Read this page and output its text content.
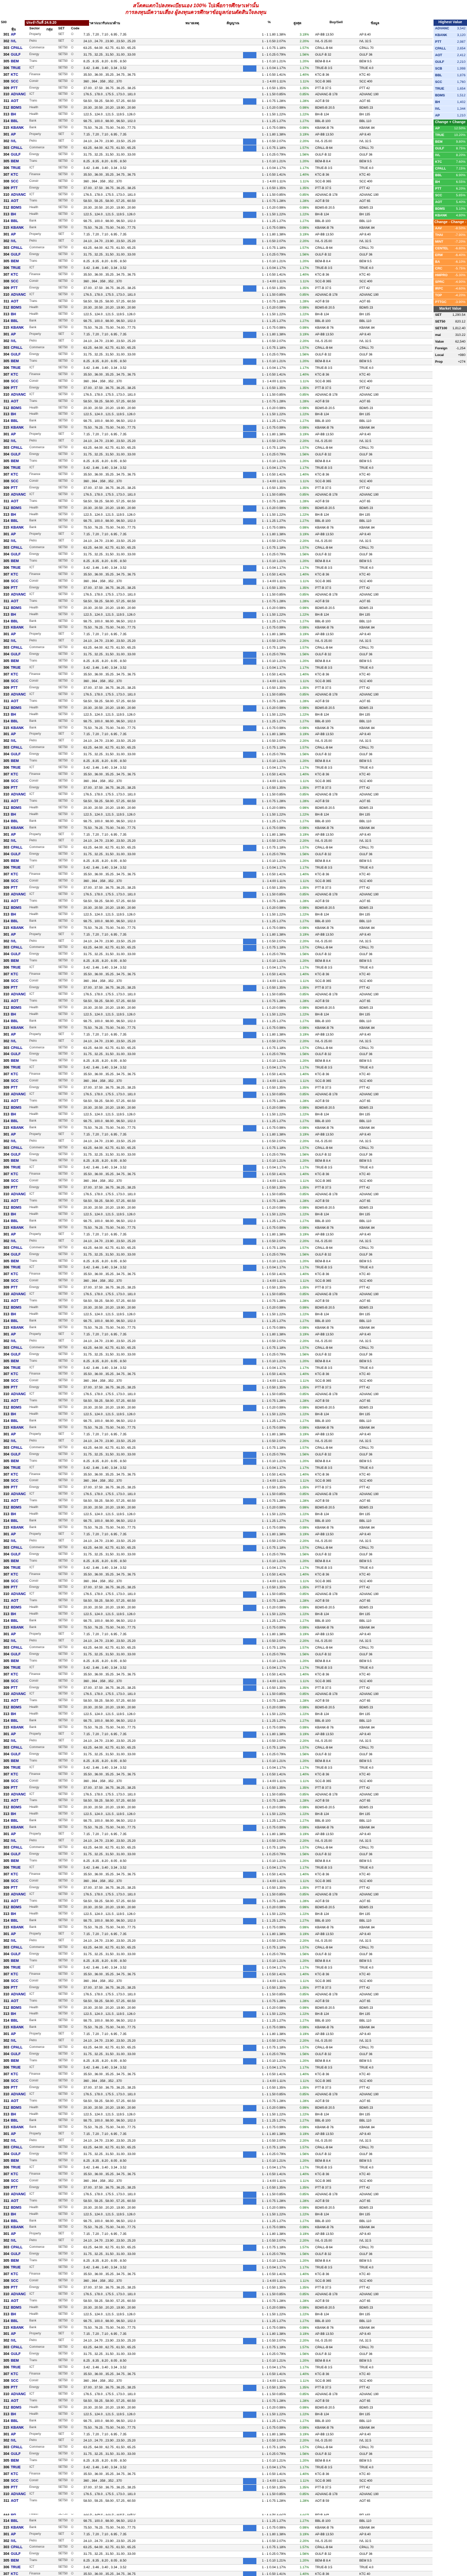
สโตคแตกไปลงทะเบียนเอง 100% ไปเพื่อการศึกษาเท่านั้น
การลงทุนมีความเสี่ยง ผู้ลงทุนควรศึกษาข้อมูลก่อนตัดสินใจลงทุน
500	ราคา/แนวรับ/แนวต้าน	หมายเหตุ	สัญญาณ	%	สูงสุด	Buy/Sell	ข้อมูล
ประจำวันที่ 24.9.20
หุ้น	Sector กลุ่ม SET Code
301 AP	Property	SET	O	7.15 , 7.20 , 7.10 , 6.95 , 7.35	1 - 1 1.80 1.38%	3.19% AP-BB 13.50	AP 8.40
302 IVL	Petro	SET	O	24.10 , 24.70 , 23.90 , 23.50 , 25.20	1 - 1 0.50 2.07%	2.20% IVL-S 25.00	IVL 32.5
303 CPALL	Commerce	SET50	O	63.25 , 64.00 , 62.75 , 61.50 , 65.25	1 - 1 0.75 1.18%	1.57% CPALL-B 64	CPALL 70
304 GULF	Energy	SET50	O	31.75 , 32.25 , 31.50 , 31.00 , 33.00	1 - 1 0.25 0.79%	1.56% GULF-B 32	GULF 36
305 BEM	Trans	SET50	O	8.25 , 8.35 , 8.20 , 8.05 , 8.50	1 - 1 0.10 1.21%	1.20% BEM-B 8.4	BEM 9.5
306 TRUE	ICT	SET50	O	3.42 , 3.46 , 3.40 , 3.34 , 3.52	1 - 1 0.04 1.17%	1.17% TRUE-B 3.5	TRUE 4.0
307 KTC	Finance	SET50	O	35.50 , 36.00 , 35.25 , 34.75 , 36.75	1 - 1 0.50 1.41%	1.40% KTC-B 36	KTC 40
308 SCC	Constr	SET50	O	360 , 364 , 358 , 352 , 370	1 - 1 4.00 1.11%	1.11% SCC-B 365	SCC 400
309 PTT	Energy	SET50	O	37.00 , 37.50 , 36.75 , 36.25 , 38.25	1 - 1 0.50 1.35%	1.35% PTT-B 37.5	PTT 42
310 ADVANC	ICT	SET50	O	176.5 , 178.0 , 175.5 , 173.0 , 181.0	1 - 1 1.50 0.85%	0.85% ADVANC-B 178	ADVANC 190
311 AOT	Trans	SET50	O	58.50 , 59.25 , 58.00 , 57.25 , 60.50	1 - 1 0.75 1.28%	1.28% AOT-B 59	AOT 65
312 BDMS	Health	SET50	O	20.30 , 20.50 , 20.20 , 19.90 , 20.90	1 - 1 0.20 0.99%	0.99% BDMS-B 20.5	BDMS 23
313 BH	Health	SET50	O	122.5 , 124.0 , 121.5 , 119.5 , 126.0	1 - 1 1.50 1.22%	1.22% BH-B 124	BH 135
314 BBL	Bank	SET50	O	98.75 , 100.0 , 98.00 , 96.50 , 102.0	1 - 1 1.25 1.27%	1.27% BBL-B 100	BBL 110
315 KBANK	Bank	SET50	O	75.50 , 76.25 , 75.00 , 74.00 , 77.75	1 - 1 0.75 0.99%	0.99% KBANK-B 76	KBANK 84
301 AP	Property	SET	O	7.15 , 7.20 , 7.10 , 6.95 , 7.35	1 - 1 1.80 1.38%	3.19% AP-BB 13.50	AP 8.40
302 IVL	Petro	SET	O	24.10 , 24.70 , 23.90 , 23.50 , 25.20	1 - 1 0.50 2.07%	2.20% IVL-S 25.00	IVL 32.5
303 CPALL	Commerce	SET50	O	63.25 , 64.00 , 62.75 , 61.50 , 65.25	1 - 1 0.75 1.18%	1.57% CPALL-B 64	CPALL 70
304 GULF	Energy	SET50	O	31.75 , 32.25 , 31.50 , 31.00 , 33.00	1 - 1 0.25 0.79%	1.56% GULF-B 32	GULF 36
305 BEM	Trans	SET50	O	8.25 , 8.35 , 8.20 , 8.05 , 8.50	1 - 1 0.10 1.21%	1.20% BEM-B 8.4	BEM 9.5
306 TRUE	ICT	SET50	O	3.42 , 3.46 , 3.40 , 3.34 , 3.52	1 - 1 0.04 1.17%	1.17% TRUE-B 3.5	TRUE 4.0
307 KTC	Finance	SET50	O	35.50 , 36.00 , 35.25 , 34.75 , 36.75	1 - 1 0.50 1.41%	1.40% KTC-B 36	KTC 40
308 SCC	Constr	SET50	O	360 , 364 , 358 , 352 , 370	1 - 1 4.00 1.11%	1.11% SCC-B 365	SCC 400
309 PTT	Energy	SET50	O	37.00 , 37.50 , 36.75 , 36.25 , 38.25	1 - 1 0.50 1.35%	1.35% PTT-B 37.5	PTT 42
310 ADVANC	ICT	SET50	O	176.5 , 178.0 , 175.5 , 173.0 , 181.0	1 - 1 1.50 0.85%	0.85% ADVANC-B 178	ADVANC 190
311 AOT	Trans	SET50	O	58.50 , 59.25 , 58.00 , 57.25 , 60.50	1 - 1 0.75 1.28%	1.28% AOT-B 59	AOT 65
312 BDMS	Health	SET50	O	20.30 , 20.50 , 20.20 , 19.90 , 20.90	1 - 1 0.20 0.99%	0.99% BDMS-B 20.5	BDMS 23
313 BH	Health	SET50	O	122.5 , 124.0 , 121.5 , 119.5 , 126.0	1 - 1 1.50 1.22%	1.22% BH-B 124	BH 135
314 BBL	Bank	SET50	O	98.75 , 100.0 , 98.00 , 96.50 , 102.0	1 - 1 1.25 1.27%	1.27% BBL-B 100	BBL 110
315 KBANK	Bank	SET50	O	75.50 , 76.25 , 75.00 , 74.00 , 77.75	1 - 1 0.75 0.99%	0.99% KBANK-B 76	KBANK 84
301 AP	Property	SET	O	7.15 , 7.20 , 7.10 , 6.95 , 7.35	1 - 1 1.80 1.38%	3.19% AP-BB 13.50	AP 8.40
302 IVL	Petro	SET	O	24.10 , 24.70 , 23.90 , 23.50 , 25.20	1 - 1 0.50 2.07%	2.20% IVL-S 25.00	IVL 32.5
303 CPALL	Commerce	SET50	O	63.25 , 64.00 , 62.75 , 61.50 , 65.25	1 - 1 0.75 1.18%	1.57% CPALL-B 64	CPALL 70
304 GULF	Energy	SET50	O	31.75 , 32.25 , 31.50 , 31.00 , 33.00	1 - 1 0.25 0.79%	1.56% GULF-B 32	GULF 36
305 BEM	Trans	SET50	O	8.25 , 8.35 , 8.20 , 8.05 , 8.50	1 - 1 0.10 1.21%	1.20% BEM-B 8.4	BEM 9.5
306 TRUE	ICT	SET50	O	3.42 , 3.46 , 3.40 , 3.34 , 3.52	1 - 1 0.04 1.17%	1.17% TRUE-B 3.5	TRUE 4.0
307 KTC	Finance	SET50	O	35.50 , 36.00 , 35.25 , 34.75 , 36.75	1 - 1 0.50 1.41%	1.40% KTC-B 36	KTC 40
308 SCC	Constr	SET50	O	360 , 364 , 358 , 352 , 370	1 - 1 4.00 1.11%	1.11% SCC-B 365	SCC 400
309 PTT	Energy	SET50	O	37.00 , 37.50 , 36.75 , 36.25 , 38.25	1 - 1 0.50 1.35%	1.35% PTT-B 37.5	PTT 42
310 ADVANC	ICT	SET50	O	176.5 , 178.0 , 175.5 , 173.0 , 181.0	1 - 1 1.50 0.85%	0.85% ADVANC-B 178	ADVANC 190
311 AOT	Trans	SET50	O	58.50 , 59.25 , 58.00 , 57.25 , 60.50	1 - 1 0.75 1.28%	1.28% AOT-B 59	AOT 65
312 BDMS	Health	SET50	O	20.30 , 20.50 , 20.20 , 19.90 , 20.90	1 - 1 0.20 0.99%	0.99% BDMS-B 20.5	BDMS 23
313 BH	Health	SET50	O	122.5 , 124.0 , 121.5 , 119.5 , 126.0	1 - 1 1.50 1.22%	1.22% BH-B 124	BH 135
314 BBL	Bank	SET50	O	98.75 , 100.0 , 98.00 , 96.50 , 102.0	1 - 1 1.25 1.27%	1.27% BBL-B 100	BBL 110
315 KBANK	Bank	SET50	O	75.50 , 76.25 , 75.00 , 74.00 , 77.75	1 - 1 0.75 0.99%	0.99% KBANK-B 76	KBANK 84
301 AP	Property	SET	O	7.15 , 7.20 , 7.10 , 6.95 , 7.35	1 - 1 1.80 1.38%	3.19% AP-BB 13.50	AP 8.40
302 IVL	Petro	SET	O	24.10 , 24.70 , 23.90 , 23.50 , 25.20	1 - 1 0.50 2.07%	2.20% IVL-S 25.00	IVL 32.5
303 CPALL	Commerce	SET50	O	63.25 , 64.00 , 62.75 , 61.50 , 65.25	1 - 1 0.75 1.18%	1.57% CPALL-B 64	CPALL 70
304 GULF	Energy	SET50	O	31.75 , 32.25 , 31.50 , 31.00 , 33.00	1 - 1 0.25 0.79%	1.56% GULF-B 32	GULF 36
305 BEM	Trans	SET50	O	8.25 , 8.35 , 8.20 , 8.05 , 8.50	1 - 1 0.10 1.21%	1.20% BEM-B 8.4	BEM 9.5
306 TRUE	ICT	SET50	O	3.42 , 3.46 , 3.40 , 3.34 , 3.52	1 - 1 0.04 1.17%	1.17% TRUE-B 3.5	TRUE 4.0
307 KTC	Finance	SET50	O	35.50 , 36.00 , 35.25 , 34.75 , 36.75	1 - 1 0.50 1.41%	1.40% KTC-B 36	KTC 40
308 SCC	Constr	SET50	O	360 , 364 , 358 , 352 , 370	1 - 1 4.00 1.11%	1.11% SCC-B 365	SCC 400
309 PTT	Energy	SET50	O	37.00 , 37.50 , 36.75 , 36.25 , 38.25	1 - 1 0.50 1.35%	1.35% PTT-B 37.5	PTT 42
310 ADVANC	ICT	SET50	O	176.5 , 178.0 , 175.5 , 173.0 , 181.0	1 - 1 1.50 0.85%	0.85% ADVANC-B 178	ADVANC 190
311 AOT	Trans	SET50	O	58.50 , 59.25 , 58.00 , 57.25 , 60.50	1 - 1 0.75 1.28%	1.28% AOT-B 59	AOT 65
312 BDMS	Health	SET50	O	20.30 , 20.50 , 20.20 , 19.90 , 20.90	1 - 1 0.20 0.99%	0.99% BDMS-B 20.5	BDMS 23
313 BH	Health	SET50	O	122.5 , 124.0 , 121.5 , 119.5 , 126.0	1 - 1 1.50 1.22%	1.22% BH-B 124	BH 135
314 BBL	Bank	SET50	O	98.75 , 100.0 , 98.00 , 96.50 , 102.0	1 - 1 1.25 1.27%	1.27% BBL-B 100	BBL 110
315 KBANK	Bank	SET50	O	75.50 , 76.25 , 75.00 , 74.00 , 77.75	1 - 1 0.75 0.99%	0.99% KBANK-B 76	KBANK 84
301 AP	Property	SET	O	7.15 , 7.20 , 7.10 , 6.95 , 7.35	1 - 1 1.80 1.38%	3.19% AP-BB 13.50	AP 8.40
302 IVL	Petro	SET	O	24.10 , 24.70 , 23.90 , 23.50 , 25.20	1 - 1 0.50 2.07%	2.20% IVL-S 25.00	IVL 32.5
303 CPALL	Commerce	SET50	O	63.25 , 64.00 , 62.75 , 61.50 , 65.25	1 - 1 0.75 1.18%	1.57% CPALL-B 64	CPALL 70
304 GULF	Energy	SET50	O	31.75 , 32.25 , 31.50 , 31.00 , 33.00	1 - 1 0.25 0.79%	1.56% GULF-B 32	GULF 36
305 BEM	Trans	SET50	O	8.25 , 8.35 , 8.20 , 8.05 , 8.50	1 - 1 0.10 1.21%	1.20% BEM-B 8.4	BEM 9.5
306 TRUE	ICT	SET50	O	3.42 , 3.46 , 3.40 , 3.34 , 3.52	1 - 1 0.04 1.17%	1.17% TRUE-B 3.5	TRUE 4.0
307 KTC	Finance	SET50	O	35.50 , 36.00 , 35.25 , 34.75 , 36.75	1 - 1 0.50 1.41%	1.40% KTC-B 36	KTC 40
308 SCC	Constr	SET50	O	360 , 364 , 358 , 352 , 370	1 - 1 4.00 1.11%	1.11% SCC-B 365	SCC 400
309 PTT	Energy	SET50	O	37.00 , 37.50 , 36.75 , 36.25 , 38.25	1 - 1 0.50 1.35%	1.35% PTT-B 37.5	PTT 42
310 ADVANC	ICT	SET50	O	176.5 , 178.0 , 175.5 , 173.0 , 181.0	1 - 1 1.50 0.85%	0.85% ADVANC-B 178	ADVANC 190
311 AOT	Trans	SET50	O	58.50 , 59.25 , 58.00 , 57.25 , 60.50	1 - 1 0.75 1.28%	1.28% AOT-B 59	AOT 65
312 BDMS	Health	SET50	O	20.30 , 20.50 , 20.20 , 19.90 , 20.90	1 - 1 0.20 0.99%	0.99% BDMS-B 20.5	BDMS 23
313 BH	Health	SET50	O	122.5 , 124.0 , 121.5 , 119.5 , 126.0	1 - 1 1.50 1.22%	1.22% BH-B 124	BH 135
314 BBL	Bank	SET50	O	98.75 , 100.0 , 98.00 , 96.50 , 102.0	1 - 1 1.25 1.27%	1.27% BBL-B 100	BBL 110
315 KBANK	Bank	SET50	O	75.50 , 76.25 , 75.00 , 74.00 , 77.75	1 - 1 0.75 0.99%	0.99% KBANK-B 76	KBANK 84
301 AP	Property	SET	O	7.15 , 7.20 , 7.10 , 6.95 , 7.35	1 - 1 1.80 1.38%	3.19% AP-BB 13.50	AP 8.40
302 IVL	Petro	SET	O	24.10 , 24.70 , 23.90 , 23.50 , 25.20	1 - 1 0.50 2.07%	2.20% IVL-S 25.00	IVL 32.5
303 CPALL	Commerce	SET50	O	63.25 , 64.00 , 62.75 , 61.50 , 65.25	1 - 1 0.75 1.18%	1.57% CPALL-B 64	CPALL 70
304 GULF	Energy	SET50	O	31.75 , 32.25 , 31.50 , 31.00 , 33.00	1 - 1 0.25 0.79%	1.56% GULF-B 32	GULF 36
305 BEM	Trans	SET50	O	8.25 , 8.35 , 8.20 , 8.05 , 8.50	1 - 1 0.10 1.21%	1.20% BEM-B 8.4	BEM 9.5
306 TRUE	ICT	SET50	O	3.42 , 3.46 , 3.40 , 3.34 , 3.52	1 - 1 0.04 1.17%	1.17% TRUE-B 3.5	TRUE 4.0
307 KTC	Finance	SET50	O	35.50 , 36.00 , 35.25 , 34.75 , 36.75	1 - 1 0.50 1.41%	1.40% KTC-B 36	KTC 40
308 SCC	Constr	SET50	O	360 , 364 , 358 , 352 , 370	1 - 1 4.00 1.11%	1.11% SCC-B 365	SCC 400
309 PTT	Energy	SET50	O	37.00 , 37.50 , 36.75 , 36.25 , 38.25	1 - 1 0.50 1.35%	1.35% PTT-B 37.5	PTT 42
310 ADVANC	ICT	SET50	O	176.5 , 178.0 , 175.5 , 173.0 , 181.0	1 - 1 1.50 0.85%	0.85% ADVANC-B 178	ADVANC 190
311 AOT	Trans	SET50	O	58.50 , 59.25 , 58.00 , 57.25 , 60.50	1 - 1 0.75 1.28%	1.28% AOT-B 59	AOT 65
312 BDMS	Health	SET50	O	20.30 , 20.50 , 20.20 , 19.90 , 20.90	1 - 1 0.20 0.99%	0.99% BDMS-B 20.5	BDMS 23
313 BH	Health	SET50	O	122.5 , 124.0 , 121.5 , 119.5 , 126.0	1 - 1 1.50 1.22%	1.22% BH-B 124	BH 135
314 BBL	Bank	SET50	O	98.75 , 100.0 , 98.00 , 96.50 , 102.0	1 - 1 1.25 1.27%	1.27% BBL-B 100	BBL 110
315 KBANK	Bank	SET50	O	75.50 , 76.25 , 75.00 , 74.00 , 77.75	1 - 1 0.75 0.99%	0.99% KBANK-B 76	KBANK 84
301 AP	Property	SET	O	7.15 , 7.20 , 7.10 , 6.95 , 7.35	1 - 1 1.80 1.38%	3.19% AP-BB 13.50	AP 8.40
302 IVL	Petro	SET	O	24.10 , 24.70 , 23.90 , 23.50 , 25.20	1 - 1 0.50 2.07%	2.20% IVL-S 25.00	IVL 32.5
303 CPALL	Commerce	SET50	O	63.25 , 64.00 , 62.75 , 61.50 , 65.25	1 - 1 0.75 1.18%	1.57% CPALL-B 64	CPALL 70
304 GULF	Energy	SET50	O	31.75 , 32.25 , 31.50 , 31.00 , 33.00	1 - 1 0.25 0.79%	1.56% GULF-B 32	GULF 36
305 BEM	Trans	SET50	O	8.25 , 8.35 , 8.20 , 8.05 , 8.50	1 - 1 0.10 1.21%	1.20% BEM-B 8.4	BEM 9.5
306 TRUE	ICT	SET50	O	3.42 , 3.46 , 3.40 , 3.34 , 3.52	1 - 1 0.04 1.17%	1.17% TRUE-B 3.5	TRUE 4.0
307 KTC	Finance	SET50	O	35.50 , 36.00 , 35.25 , 34.75 , 36.75	1 - 1 0.50 1.41%	1.40% KTC-B 36	KTC 40
308 SCC	Constr	SET50	O	360 , 364 , 358 , 352 , 370	1 - 1 4.00 1.11%	1.11% SCC-B 365	SCC 400
309 PTT	Energy	SET50	O	37.00 , 37.50 , 36.75 , 36.25 , 38.25	1 - 1 0.50 1.35%	1.35% PTT-B 37.5	PTT 42
310 ADVANC	ICT	SET50	O	176.5 , 178.0 , 175.5 , 173.0 , 181.0	1 - 1 1.50 0.85%	0.85% ADVANC-B 178	ADVANC 190
311 AOT	Trans	SET50	O	58.50 , 59.25 , 58.00 , 57.25 , 60.50	1 - 1 0.75 1.28%	1.28% AOT-B 59	AOT 65
312 BDMS	Health	SET50	O	20.30 , 20.50 , 20.20 , 19.90 , 20.90	1 - 1 0.20 0.99%	0.99% BDMS-B 20.5	BDMS 23
313 BH	Health	SET50	O	122.5 , 124.0 , 121.5 , 119.5 , 126.0	1 - 1 1.50 1.22%	1.22% BH-B 124	BH 135
314 BBL	Bank	SET50	O	98.75 , 100.0 , 98.00 , 96.50 , 102.0	1 - 1 1.25 1.27%	1.27% BBL-B 100	BBL 110
315 KBANK	Bank	SET50	O	75.50 , 76.25 , 75.00 , 74.00 , 77.75	1 - 1 0.75 0.99%	0.99% KBANK-B 76	KBANK 84
301 AP	Property	SET	O	7.15 , 7.20 , 7.10 , 6.95 , 7.35	1 - 1 1.80 1.38%	3.19% AP-BB 13.50	AP 8.40
302 IVL	Petro	SET	O	24.10 , 24.70 , 23.90 , 23.50 , 25.20	1 - 1 0.50 2.07%	2.20% IVL-S 25.00	IVL 32.5
303 CPALL	Commerce	SET50	O	63.25 , 64.00 , 62.75 , 61.50 , 65.25	1 - 1 0.75 1.18%	1.57% CPALL-B 64	CPALL 70
304 GULF	Energy	SET50	O	31.75 , 32.25 , 31.50 , 31.00 , 33.00	1 - 1 0.25 0.79%	1.56% GULF-B 32	GULF 36
305 BEM	Trans	SET50	O	8.25 , 8.35 , 8.20 , 8.05 , 8.50	1 - 1 0.10 1.21%	1.20% BEM-B 8.4	BEM 9.5
306 TRUE	ICT	SET50	O	3.42 , 3.46 , 3.40 , 3.34 , 3.52	1 - 1 0.04 1.17%	1.17% TRUE-B 3.5	TRUE 4.0
307 KTC	Finance	SET50	O	35.50 , 36.00 , 35.25 , 34.75 , 36.75	1 - 1 0.50 1.41%	1.40% KTC-B 36	KTC 40
308 SCC	Constr	SET50	O	360 , 364 , 358 , 352 , 370	1 - 1 4.00 1.11%	1.11% SCC-B 365	SCC 400
309 PTT	Energy	SET50	O	37.00 , 37.50 , 36.75 , 36.25 , 38.25	1 - 1 0.50 1.35%	1.35% PTT-B 37.5	PTT 42
310 ADVANC	ICT	SET50	O	176.5 , 178.0 , 175.5 , 173.0 , 181.0	1 - 1 1.50 0.85%	0.85% ADVANC-B 178	ADVANC 190
311 AOT	Trans	SET50	O	58.50 , 59.25 , 58.00 , 57.25 , 60.50	1 - 1 0.75 1.28%	1.28% AOT-B 59	AOT 65
312 BDMS	Health	SET50	O	20.30 , 20.50 , 20.20 , 19.90 , 20.90	1 - 1 0.20 0.99%	0.99% BDMS-B 20.5	BDMS 23
313 BH	Health	SET50	O	122.5 , 124.0 , 121.5 , 119.5 , 126.0	1 - 1 1.50 1.22%	1.22% BH-B 124	BH 135
314 BBL	Bank	SET50	O	98.75 , 100.0 , 98.00 , 96.50 , 102.0	1 - 1 1.25 1.27%	1.27% BBL-B 100	BBL 110
315 KBANK	Bank	SET50	O	75.50 , 76.25 , 75.00 , 74.00 , 77.75	1 - 1 0.75 0.99%	0.99% KBANK-B 76	KBANK 84
301 AP	Property	SET	O	7.15 , 7.20 , 7.10 , 6.95 , 7.35	1 - 1 1.80 1.38%	3.19% AP-BB 13.50	AP 8.40
302 IVL	Petro	SET	O	24.10 , 24.70 , 23.90 , 23.50 , 25.20	1 - 1 0.50 2.07%	2.20% IVL-S 25.00	IVL 32.5
303 CPALL	Commerce	SET50	O	63.25 , 64.00 , 62.75 , 61.50 , 65.25	1 - 1 0.75 1.18%	1.57% CPALL-B 64	CPALL 70
304 GULF	Energy	SET50	O	31.75 , 32.25 , 31.50 , 31.00 , 33.00	1 - 1 0.25 0.79%	1.56% GULF-B 32	GULF 36
305 BEM	Trans	SET50	O	8.25 , 8.35 , 8.20 , 8.05 , 8.50	1 - 1 0.10 1.21%	1.20% BEM-B 8.4	BEM 9.5
306 TRUE	ICT	SET50	O	3.42 , 3.46 , 3.40 , 3.34 , 3.52	1 - 1 0.04 1.17%	1.17% TRUE-B 3.5	TRUE 4.0
307 KTC	Finance	SET50	O	35.50 , 36.00 , 35.25 , 34.75 , 36.75	1 - 1 0.50 1.41%	1.40% KTC-B 36	KTC 40
308 SCC	Constr	SET50	O	360 , 364 , 358 , 352 , 370	1 - 1 4.00 1.11%	1.11% SCC-B 365	SCC 400
309 PTT	Energy	SET50	O	37.00 , 37.50 , 36.75 , 36.25 , 38.25	1 - 1 0.50 1.35%	1.35% PTT-B 37.5	PTT 42
310 ADVANC	ICT	SET50	O	176.5 , 178.0 , 175.5 , 173.0 , 181.0	1 - 1 1.50 0.85%	0.85% ADVANC-B 178	ADVANC 190
311 AOT	Trans	SET50	O	58.50 , 59.25 , 58.00 , 57.25 , 60.50	1 - 1 0.75 1.28%	1.28% AOT-B 59	AOT 65
312 BDMS	Health	SET50	O	20.30 , 20.50 , 20.20 , 19.90 , 20.90	1 - 1 0.20 0.99%	0.99% BDMS-B 20.5	BDMS 23
313 BH	Health	SET50	O	122.5 , 124.0 , 121.5 , 119.5 , 126.0	1 - 1 1.50 1.22%	1.22% BH-B 124	BH 135
314 BBL	Bank	SET50	O	98.75 , 100.0 , 98.00 , 96.50 , 102.0	1 - 1 1.25 1.27%	1.27% BBL-B 100	BBL 110
315 KBANK	Bank	SET50	O	75.50 , 76.25 , 75.00 , 74.00 , 77.75	1 - 1 0.75 0.99%	0.99% KBANK-B 76	KBANK 84
301 AP	Property	SET	O	7.15 , 7.20 , 7.10 , 6.95 , 7.35	1 - 1 1.80 1.38%	3.19% AP-BB 13.50	AP 8.40
302 IVL	Petro	SET	O	24.10 , 24.70 , 23.90 , 23.50 , 25.20	1 - 1 0.50 2.07%	2.20% IVL-S 25.00	IVL 32.5
303 CPALL	Commerce	SET50	O	63.25 , 64.00 , 62.75 , 61.50 , 65.25	1 - 1 0.75 1.18%	1.57% CPALL-B 64	CPALL 70
304 GULF	Energy	SET50	O	31.75 , 32.25 , 31.50 , 31.00 , 33.00	1 - 1 0.25 0.79%	1.56% GULF-B 32	GULF 36
305 BEM	Trans	SET50	O	8.25 , 8.35 , 8.20 , 8.05 , 8.50	1 - 1 0.10 1.21%	1.20% BEM-B 8.4	BEM 9.5
306 TRUE	ICT	SET50	O	3.42 , 3.46 , 3.40 , 3.34 , 3.52	1 - 1 0.04 1.17%	1.17% TRUE-B 3.5	TRUE 4.0
307 KTC	Finance	SET50	O	35.50 , 36.00 , 35.25 , 34.75 , 36.75	1 - 1 0.50 1.41%	1.40% KTC-B 36	KTC 40
308 SCC	Constr	SET50	O	360 , 364 , 358 , 352 , 370	1 - 1 4.00 1.11%	1.11% SCC-B 365	SCC 400
309 PTT	Energy	SET50	O	37.00 , 37.50 , 36.75 , 36.25 , 38.25	1 - 1 0.50 1.35%	1.35% PTT-B 37.5	PTT 42
310 ADVANC	ICT	SET50	O	176.5 , 178.0 , 175.5 , 173.0 , 181.0	1 - 1 1.50 0.85%	0.85% ADVANC-B 178	ADVANC 190
311 AOT	Trans	SET50	O	58.50 , 59.25 , 58.00 , 57.25 , 60.50	1 - 1 0.75 1.28%	1.28% AOT-B 59	AOT 65
312 BDMS	Health	SET50	O	20.30 , 20.50 , 20.20 , 19.90 , 20.90	1 - 1 0.20 0.99%	0.99% BDMS-B 20.5	BDMS 23
313 BH	Health	SET50	O	122.5 , 124.0 , 121.5 , 119.5 , 126.0	1 - 1 1.50 1.22%	1.22% BH-B 124	BH 135
314 BBL	Bank	SET50	O	98.75 , 100.0 , 98.00 , 96.50 , 102.0	1 - 1 1.25 1.27%	1.27% BBL-B 100	BBL 110
315 KBANK	Bank	SET50	O	75.50 , 76.25 , 75.00 , 74.00 , 77.75	1 - 1 0.75 0.99%	0.99% KBANK-B 76	KBANK 84
301 AP	Property	SET	O	7.15 , 7.20 , 7.10 , 6.95 , 7.35	1 - 1 1.80 1.38%	3.19% AP-BB 13.50	AP 8.40
302 IVL	Petro	SET	O	24.10 , 24.70 , 23.90 , 23.50 , 25.20	1 - 1 0.50 2.07%	2.20% IVL-S 25.00	IVL 32.5
303 CPALL	Commerce	SET50	O	63.25 , 64.00 , 62.75 , 61.50 , 65.25	1 - 1 0.75 1.18%	1.57% CPALL-B 64	CPALL 70
304 GULF	Energy	SET50	O	31.75 , 32.25 , 31.50 , 31.00 , 33.00	1 - 1 0.25 0.79%	1.56% GULF-B 32	GULF 36
305 BEM	Trans	SET50	O	8.25 , 8.35 , 8.20 , 8.05 , 8.50	1 - 1 0.10 1.21%	1.20% BEM-B 8.4	BEM 9.5
306 TRUE	ICT	SET50	O	3.42 , 3.46 , 3.40 , 3.34 , 3.52	1 - 1 0.04 1.17%	1.17% TRUE-B 3.5	TRUE 4.0
307 KTC	Finance	SET50	O	35.50 , 36.00 , 35.25 , 34.75 , 36.75	1 - 1 0.50 1.41%	1.40% KTC-B 36	KTC 40
308 SCC	Constr	SET50	O	360 , 364 , 358 , 352 , 370	1 - 1 4.00 1.11%	1.11% SCC-B 365	SCC 400
309 PTT	Energy	SET50	O	37.00 , 37.50 , 36.75 , 36.25 , 38.25	1 - 1 0.50 1.35%	1.35% PTT-B 37.5	PTT 42
310 ADVANC	ICT	SET50	O	176.5 , 178.0 , 175.5 , 173.0 , 181.0	1 - 1 1.50 0.85%	0.85% ADVANC-B 178	ADVANC 190
311 AOT	Trans	SET50	O	58.50 , 59.25 , 58.00 , 57.25 , 60.50	1 - 1 0.75 1.28%	1.28% AOT-B 59	AOT 65
312 BDMS	Health	SET50	O	20.30 , 20.50 , 20.20 , 19.90 , 20.90	1 - 1 0.20 0.99%	0.99% BDMS-B 20.5	BDMS 23
313 BH	Health	SET50	O	122.5 , 124.0 , 121.5 , 119.5 , 126.0	1 - 1 1.50 1.22%	1.22% BH-B 124	BH 135
314 BBL	Bank	SET50	O	98.75 , 100.0 , 98.00 , 96.50 , 102.0	1 - 1 1.25 1.27%	1.27% BBL-B 100	BBL 110
315 KBANK	Bank	SET50	O	75.50 , 76.25 , 75.00 , 74.00 , 77.75	1 - 1 0.75 0.99%	0.99% KBANK-B 76	KBANK 84
301 AP	Property	SET	O	7.15 , 7.20 , 7.10 , 6.95 , 7.35	1 - 1 1.80 1.38%	3.19% AP-BB 13.50	AP 8.40
302 IVL	Petro	SET	O	24.10 , 24.70 , 23.90 , 23.50 , 25.20	1 - 1 0.50 2.07%	2.20% IVL-S 25.00	IVL 32.5
303 CPALL	Commerce	SET50	O	63.25 , 64.00 , 62.75 , 61.50 , 65.25	1 - 1 0.75 1.18%	1.57% CPALL-B 64	CPALL 70
304 GULF	Energy	SET50	O	31.75 , 32.25 , 31.50 , 31.00 , 33.00	1 - 1 0.25 0.79%	1.56% GULF-B 32	GULF 36
305 BEM	Trans	SET50	O	8.25 , 8.35 , 8.20 , 8.05 , 8.50	1 - 1 0.10 1.21%	1.20% BEM-B 8.4	BEM 9.5
306 TRUE	ICT	SET50	O	3.42 , 3.46 , 3.40 , 3.34 , 3.52	1 - 1 0.04 1.17%	1.17% TRUE-B 3.5	TRUE 4.0
307 KTC	Finance	SET50	O	35.50 , 36.00 , 35.25 , 34.75 , 36.75	1 - 1 0.50 1.41%	1.40% KTC-B 36	KTC 40
308 SCC	Constr	SET50	O	360 , 364 , 358 , 352 , 370	1 - 1 4.00 1.11%	1.11% SCC-B 365	SCC 400
309 PTT	Energy	SET50	O	37.00 , 37.50 , 36.75 , 36.25 , 38.25	1 - 1 0.50 1.35%	1.35% PTT-B 37.5	PTT 42
310 ADVANC	ICT	SET50	O	176.5 , 178.0 , 175.5 , 173.0 , 181.0	1 - 1 1.50 0.85%	0.85% ADVANC-B 178	ADVANC 190
311 AOT	Trans	SET50	O	58.50 , 59.25 , 58.00 , 57.25 , 60.50	1 - 1 0.75 1.28%	1.28% AOT-B 59	AOT 65
312 BDMS	Health	SET50	O	20.30 , 20.50 , 20.20 , 19.90 , 20.90	1 - 1 0.20 0.99%	0.99% BDMS-B 20.5	BDMS 23
313 BH	Health	SET50	O	122.5 , 124.0 , 121.5 , 119.5 , 126.0	1 - 1 1.50 1.22%	1.22% BH-B 124	BH 135
314 BBL	Bank	SET50	O	98.75 , 100.0 , 98.00 , 96.50 , 102.0	1 - 1 1.25 1.27%	1.27% BBL-B 100	BBL 110
315 KBANK	Bank	SET50	O	75.50 , 76.25 , 75.00 , 74.00 , 77.75	1 - 1 0.75 0.99%	0.99% KBANK-B 76	KBANK 84
301 AP	Property	SET	O	7.15 , 7.20 , 7.10 , 6.95 , 7.35	1 - 1 1.80 1.38%	3.19% AP-BB 13.50	AP 8.40
302 IVL	Petro	SET	O	24.10 , 24.70 , 23.90 , 23.50 , 25.20	1 - 1 0.50 2.07%	2.20% IVL-S 25.00	IVL 32.5
303 CPALL	Commerce	SET50	O	63.25 , 64.00 , 62.75 , 61.50 , 65.25	1 - 1 0.75 1.18%	1.57% CPALL-B 64	CPALL 70
304 GULF	Energy	SET50	O	31.75 , 32.25 , 31.50 , 31.00 , 33.00	1 - 1 0.25 0.79%	1.56% GULF-B 32	GULF 36
305 BEM	Trans	SET50	O	8.25 , 8.35 , 8.20 , 8.05 , 8.50	1 - 1 0.10 1.21%	1.20% BEM-B 8.4	BEM 9.5
306 TRUE	ICT	SET50	O	3.42 , 3.46 , 3.40 , 3.34 , 3.52	1 - 1 0.04 1.17%	1.17% TRUE-B 3.5	TRUE 4.0
307 KTC	Finance	SET50	O	35.50 , 36.00 , 35.25 , 34.75 , 36.75	1 - 1 0.50 1.41%	1.40% KTC-B 36	KTC 40
308 SCC	Constr	SET50	O	360 , 364 , 358 , 352 , 370	1 - 1 4.00 1.11%	1.11% SCC-B 365	SCC 400
309 PTT	Energy	SET50	O	37.00 , 37.50 , 36.75 , 36.25 , 38.25	1 - 1 0.50 1.35%	1.35% PTT-B 37.5	PTT 42
310 ADVANC	ICT	SET50	O	176.5 , 178.0 , 175.5 , 173.0 , 181.0	1 - 1 1.50 0.85%	0.85% ADVANC-B 178	ADVANC 190
311 AOT	Trans	SET50	O	58.50 , 59.25 , 58.00 , 57.25 , 60.50	1 - 1 0.75 1.28%	1.28% AOT-B 59	AOT 65
312 BDMS	Health	SET50	O	20.30 , 20.50 , 20.20 , 19.90 , 20.90	1 - 1 0.20 0.99%	0.99% BDMS-B 20.5	BDMS 23
313 BH	Health	SET50	O	122.5 , 124.0 , 121.5 , 119.5 , 126.0	1 - 1 1.50 1.22%	1.22% BH-B 124	BH 135
314 BBL	Bank	SET50	O	98.75 , 100.0 , 98.00 , 96.50 , 102.0	1 - 1 1.25 1.27%	1.27% BBL-B 100	BBL 110
315 KBANK	Bank	SET50	O	75.50 , 76.25 , 75.00 , 74.00 , 77.75	1 - 1 0.75 0.99%	0.99% KBANK-B 76	KBANK 84
301 AP	Property	SET	O	7.15 , 7.20 , 7.10 , 6.95 , 7.35	1 - 1 1.80 1.38%	3.19% AP-BB 13.50	AP 8.40
302 IVL	Petro	SET	O	24.10 , 24.70 , 23.90 , 23.50 , 25.20	1 - 1 0.50 2.07%	2.20% IVL-S 25.00	IVL 32.5
303 CPALL	Commerce	SET50	O	63.25 , 64.00 , 62.75 , 61.50 , 65.25	1 - 1 0.75 1.18%	1.57% CPALL-B 64	CPALL 70
304 GULF	Energy	SET50	O	31.75 , 32.25 , 31.50 , 31.00 , 33.00	1 - 1 0.25 0.79%	1.56% GULF-B 32	GULF 36
305 BEM	Trans	SET50	O	8.25 , 8.35 , 8.20 , 8.05 , 8.50	1 - 1 0.10 1.21%	1.20% BEM-B 8.4	BEM 9.5
306 TRUE	ICT	SET50	O	3.42 , 3.46 , 3.40 , 3.34 , 3.52	1 - 1 0.04 1.17%	1.17% TRUE-B 3.5	TRUE 4.0
307 KTC	Finance	SET50	O	35.50 , 36.00 , 35.25 , 34.75 , 36.75	1 - 1 0.50 1.41%	1.40% KTC-B 36	KTC 40
308 SCC	Constr	SET50	O	360 , 364 , 358 , 352 , 370	1 - 1 4.00 1.11%	1.11% SCC-B 365	SCC 400
309 PTT	Energy	SET50	O	37.00 , 37.50 , 36.75 , 36.25 , 38.25	1 - 1 0.50 1.35%	1.35% PTT-B 37.5	PTT 42
310 ADVANC	ICT	SET50	O	176.5 , 178.0 , 175.5 , 173.0 , 181.0	1 - 1 1.50 0.85%	0.85% ADVANC-B 178	ADVANC 190
311 AOT	Trans	SET50	O	58.50 , 59.25 , 58.00 , 57.25 , 60.50	1 - 1 0.75 1.28%	1.28% AOT-B 59	AOT 65
312 BDMS	Health	SET50	O	20.30 , 20.50 , 20.20 , 19.90 , 20.90	1 - 1 0.20 0.99%	0.99% BDMS-B 20.5	BDMS 23
313 BH	Health	SET50	O	122.5 , 124.0 , 121.5 , 119.5 , 126.0	1 - 1 1.50 1.22%	1.22% BH-B 124	BH 135
314 BBL	Bank	SET50	O	98.75 , 100.0 , 98.00 , 96.50 , 102.0	1 - 1 1.25 1.27%	1.27% BBL-B 100	BBL 110
315 KBANK	Bank	SET50	O	75.50 , 76.25 , 75.00 , 74.00 , 77.75	1 - 1 0.75 0.99%	0.99% KBANK-B 76	KBANK 84
301 AP	Property	SET	O	7.15 , 7.20 , 7.10 , 6.95 , 7.35	1 - 1 1.80 1.38%	3.19% AP-BB 13.50	AP 8.40
302 IVL	Petro	SET	O	24.10 , 24.70 , 23.90 , 23.50 , 25.20	1 - 1 0.50 2.07%	2.20% IVL-S 25.00	IVL 32.5
303 CPALL	Commerce	SET50	O	63.25 , 64.00 , 62.75 , 61.50 , 65.25	1 - 1 0.75 1.18%	1.57% CPALL-B 64	CPALL 70
304 GULF	Energy	SET50	O	31.75 , 32.25 , 31.50 , 31.00 , 33.00	1 - 1 0.25 0.79%	1.56% GULF-B 32	GULF 36
305 BEM	Trans	SET50	O	8.25 , 8.35 , 8.20 , 8.05 , 8.50	1 - 1 0.10 1.21%	1.20% BEM-B 8.4	BEM 9.5
306 TRUE	ICT	SET50	O	3.42 , 3.46 , 3.40 , 3.34 , 3.52	1 - 1 0.04 1.17%	1.17% TRUE-B 3.5	TRUE 4.0
307 KTC	Finance	SET50	O	35.50 , 36.00 , 35.25 , 34.75 , 36.75	1 - 1 0.50 1.41%	1.40% KTC-B 36	KTC 40
308 SCC	Constr	SET50	O	360 , 364 , 358 , 352 , 370	1 - 1 4.00 1.11%	1.11% SCC-B 365	SCC 400
309 PTT	Energy	SET50	O	37.00 , 37.50 , 36.75 , 36.25 , 38.25	1 - 1 0.50 1.35%	1.35% PTT-B 37.5	PTT 42
310 ADVANC	ICT	SET50	O	176.5 , 178.0 , 175.5 , 173.0 , 181.0	1 - 1 1.50 0.85%	0.85% ADVANC-B 178	ADVANC 190
311 AOT	Trans	SET50	O	58.50 , 59.25 , 58.00 , 57.25 , 60.50	1 - 1 0.75 1.28%	1.28% AOT-B 59	AOT 65
312 BDMS	Health	SET50	O	20.30 , 20.50 , 20.20 , 19.90 , 20.90	1 - 1 0.20 0.99%	0.99% BDMS-B 20.5	BDMS 23
313 BH	Health	SET50	O	122.5 , 124.0 , 121.5 , 119.5 , 126.0	1 - 1 1.50 1.22%	1.22% BH-B 124	BH 135
314 BBL	Bank	SET50	O	98.75 , 100.0 , 98.00 , 96.50 , 102.0	1 - 1 1.25 1.27%	1.27% BBL-B 100	BBL 110
315 KBANK	Bank	SET50	O	75.50 , 76.25 , 75.00 , 74.00 , 77.75	1 - 1 0.75 0.99%	0.99% KBANK-B 76	KBANK 84
301 AP	Property	SET	O	7.15 , 7.20 , 7.10 , 6.95 , 7.35	1 - 1 1.80 1.38%	3.19% AP-BB 13.50	AP 8.40
302 IVL	Petro	SET	O	24.10 , 24.70 , 23.90 , 23.50 , 25.20	1 - 1 0.50 2.07%	2.20% IVL-S 25.00	IVL 32.5
303 CPALL	Commerce	SET50	O	63.25 , 64.00 , 62.75 , 61.50 , 65.25	1 - 1 0.75 1.18%	1.57% CPALL-B 64	CPALL 70
304 GULF	Energy	SET50	O	31.75 , 32.25 , 31.50 , 31.00 , 33.00	1 - 1 0.25 0.79%	1.56% GULF-B 32	GULF 36
305 BEM	Trans	SET50	O	8.25 , 8.35 , 8.20 , 8.05 , 8.50	1 - 1 0.10 1.21%	1.20% BEM-B 8.4	BEM 9.5
306 TRUE	ICT	SET50	O	3.42 , 3.46 , 3.40 , 3.34 , 3.52	1 - 1 0.04 1.17%	1.17% TRUE-B 3.5	TRUE 4.0
307 KTC	Finance	SET50	O	35.50 , 36.00 , 35.25 , 34.75 , 36.75	1 - 1 0.50 1.41%	1.40% KTC-B 36	KTC 40
308 SCC	Constr	SET50	O	360 , 364 , 358 , 352 , 370	1 - 1 4.00 1.11%	1.11% SCC-B 365	SCC 400
309 PTT	Energy	SET50	O	37.00 , 37.50 , 36.75 , 36.25 , 38.25	1 - 1 0.50 1.35%	1.35% PTT-B 37.5	PTT 42
310 ADVANC	ICT	SET50	O	176.5 , 178.0 , 175.5 , 173.0 , 181.0	1 - 1 1.50 0.85%	0.85% ADVANC-B 178	ADVANC 190
311 AOT	Trans	SET50	O	58.50 , 59.25 , 58.00 , 57.25 , 60.50	1 - 1 0.75 1.28%	1.28% AOT-B 59	AOT 65
312 BDMS	Health	SET50	O	20.30 , 20.50 , 20.20 , 19.90 , 20.90	1 - 1 0.20 0.99%	0.99% BDMS-B 20.5	BDMS 23
313 BH	Health	SET50	O	122.5 , 124.0 , 121.5 , 119.5 , 126.0	1 - 1 1.50 1.22%	1.22% BH-B 124	BH 135
314 BBL	Bank	SET50	O	98.75 , 100.0 , 98.00 , 96.50 , 102.0	1 - 1 1.25 1.27%	1.27% BBL-B 100	BBL 110
315 KBANK	Bank	SET50	O	75.50 , 76.25 , 75.00 , 74.00 , 77.75	1 - 1 0.75 0.99%	0.99% KBANK-B 76	KBANK 84
301 AP	Property	SET	O	7.15 , 7.20 , 7.10 , 6.95 , 7.35	1 - 1 1.80 1.38%	3.19% AP-BB 13.50	AP 8.40
302 IVL	Petro	SET	O	24.10 , 24.70 , 23.90 , 23.50 , 25.20	1 - 1 0.50 2.07%	2.20% IVL-S 25.00	IVL 32.5
303 CPALL	Commerce	SET50	O	63.25 , 64.00 , 62.75 , 61.50 , 65.25	1 - 1 0.75 1.18%	1.57% CPALL-B 64	CPALL 70
304 GULF	Energy	SET50	O	31.75 , 32.25 , 31.50 , 31.00 , 33.00	1 - 1 0.25 0.79%	1.56% GULF-B 32	GULF 36
305 BEM	Trans	SET50	O	8.25 , 8.35 , 8.20 , 8.05 , 8.50	1 - 1 0.10 1.21%	1.20% BEM-B 8.4	BEM 9.5
306 TRUE	ICT	SET50	O	3.42 , 3.46 , 3.40 , 3.34 , 3.52	1 - 1 0.04 1.17%	1.17% TRUE-B 3.5	TRUE 4.0
307 KTC	Finance	SET50	O	35.50 , 36.00 , 35.25 , 34.75 , 36.75	1 - 1 0.50 1.41%	1.40% KTC-B 36	KTC 40
308 SCC	Constr	SET50	O	360 , 364 , 358 , 352 , 370	1 - 1 4.00 1.11%	1.11% SCC-B 365	SCC 400
309 PTT	Energy	SET50	O	37.00 , 37.50 , 36.75 , 36.25 , 38.25	1 - 1 0.50 1.35%	1.35% PTT-B 37.5	PTT 42
310 ADVANC	ICT	SET50	O	176.5 , 178.0 , 175.5 , 173.0 , 181.0	1 - 1 1.50 0.85%	0.85% ADVANC-B 178	ADVANC 190
311 AOT	Trans	SET50	O	58.50 , 59.25 , 58.00 , 57.25 , 60.50	1 - 1 0.75 1.28%	1.28% AOT-B 59	AOT 65
312 BDMS	Health	SET50	O	20.30 , 20.50 , 20.20 , 19.90 , 20.90	1 - 1 0.20 0.99%	0.99% BDMS-B 20.5	BDMS 23
313 BH	Health	SET50	O	122.5 , 124.0 , 121.5 , 119.5 , 126.0	1 - 1 1.50 1.22%	1.22% BH-B 124	BH 135
314 BBL	Bank	SET50	O	98.75 , 100.0 , 98.00 , 96.50 , 102.0	1 - 1 1.25 1.27%	1.27% BBL-B 100	BBL 110
315 KBANK	Bank	SET50	O	75.50 , 76.25 , 75.00 , 74.00 , 77.75	1 - 1 0.75 0.99%	0.99% KBANK-B 76	KBANK 84
301 AP	Property	SET	O	7.15 , 7.20 , 7.10 , 6.95 , 7.35	1 - 1 1.80 1.38%	3.19% AP-BB 13.50	AP 8.40
302 IVL	Petro	SET	O	24.10 , 24.70 , 23.90 , 23.50 , 25.20	1 - 1 0.50 2.07%	2.20% IVL-S 25.00	IVL 32.5
303 CPALL	Commerce	SET50	O	63.25 , 64.00 , 62.75 , 61.50 , 65.25	1 - 1 0.75 1.18%	1.57% CPALL-B 64	CPALL 70
304 GULF	Energy	SET50	O	31.75 , 32.25 , 31.50 , 31.00 , 33.00	1 - 1 0.25 0.79%	1.56% GULF-B 32	GULF 36
305 BEM	Trans	SET50	O	8.25 , 8.35 , 8.20 , 8.05 , 8.50	1 - 1 0.10 1.21%	1.20% BEM-B 8.4	BEM 9.5
306 TRUE	ICT	SET50	O	3.42 , 3.46 , 3.40 , 3.34 , 3.52	1 - 1 0.04 1.17%	1.17% TRUE-B 3.5	TRUE 4.0
307 KTC	Finance	SET50	O	35.50 , 36.00 , 35.25 , 34.75 , 36.75	1 - 1 0.50 1.41%	1.40% KTC-B 36	KTC 40
308 SCC	Constr	SET50	O	360 , 364 , 358 , 352 , 370	1 - 1 4.00 1.11%	1.11% SCC-B 365	SCC 400
309 PTT	Energy	SET50	O	37.00 , 37.50 , 36.75 , 36.25 , 38.25	1 - 1 0.50 1.35%	1.35% PTT-B 37.5	PTT 42
310 ADVANC	ICT	SET50	O	176.5 , 178.0 , 175.5 , 173.0 , 181.0	1 - 1 1.50 0.85%	0.85% ADVANC-B 178	ADVANC 190
311 AOT	Trans	SET50	O	58.50 , 59.25 , 58.00 , 57.25 , 60.50	1 - 1 0.75 1.28%	1.28% AOT-B 59	AOT 65
312 BDMS	Health	SET50	O	20.30 , 20.50 , 20.20 , 19.90 , 20.90	1 - 1 0.20 0.99%	0.99% BDMS-B 20.5	BDMS 23
313 BH	Health	SET50	O	122.5 , 124.0 , 121.5 , 119.5 , 126.0	1 - 1 1.50 1.22%	1.22% BH-B 124	BH 135
314 BBL	Bank	SET50	O	98.75 , 100.0 , 98.00 , 96.50 , 102.0	1 - 1 1.25 1.27%	1.27% BBL-B 100	BBL 110
315 KBANK	Bank	SET50	O	75.50 , 76.25 , 75.00 , 74.00 , 77.75	1 - 1 0.75 0.99%	0.99% KBANK-B 76	KBANK 84
301 AP	Property	SET	O	7.15 , 7.20 , 7.10 , 6.95 , 7.35	1 - 1 1.80 1.38%	3.19% AP-BB 13.50	AP 8.40
302 IVL	Petro	SET	O	24.10 , 24.70 , 23.90 , 23.50 , 25.20	1 - 1 0.50 2.07%	2.20% IVL-S 25.00	IVL 32.5
303 CPALL	Commerce	SET50	O	63.25 , 64.00 , 62.75 , 61.50 , 65.25	1 - 1 0.75 1.18%	1.57% CPALL-B 64	CPALL 70
304 GULF	Energy	SET50	O	31.75 , 32.25 , 31.50 , 31.00 , 33.00	1 - 1 0.25 0.79%	1.56% GULF-B 32	GULF 36
305 BEM	Trans	SET50	O	8.25 , 8.35 , 8.20 , 8.05 , 8.50	1 - 1 0.10 1.21%	1.20% BEM-B 8.4	BEM 9.5
306 TRUE	ICT	SET50	O	3.42 , 3.46 , 3.40 , 3.34 , 3.52	1 - 1 0.04 1.17%	1.17% TRUE-B 3.5	TRUE 4.0
307 KTC	Finance	SET50	O	35.50 , 36.00 , 35.25 , 34.75 , 36.75	1 - 1 0.50 1.41%	1.40% KTC-B 36	KTC 40
308 SCC	Constr	SET50	O	360 , 364 , 358 , 352 , 370	1 - 1 4.00 1.11%	1.11% SCC-B 365	SCC 400
309 PTT	Energy	SET50	O	37.00 , 37.50 , 36.75 , 36.25 , 38.25	1 - 1 0.50 1.35%	1.35% PTT-B 37.5	PTT 42
310 ADVANC	ICT	SET50	O	176.5 , 178.0 , 175.5 , 173.0 , 181.0	1 - 1 1.50 0.85%	0.85% ADVANC-B 178	ADVANC 190
311 AOT	Trans	SET50	O	58.50 , 59.25 , 58.00 , 57.25 , 60.50	1 - 1 0.75 1.28%	1.28% AOT-B 59	AOT 65
312 BDMS	Health	SET50	O	20.30 , 20.50 , 20.20 , 19.90 , 20.90	1 - 1 0.20 0.99%	0.99% BDMS-B 20.5	BDMS 23
313 BH	Health	SET50	O	122.5 , 124.0 , 121.5 , 119.5 , 126.0	1 - 1 1.50 1.22%	1.22% BH-B 124	BH 135
314 BBL	Bank	SET50	O	98.75 , 100.0 , 98.00 , 96.50 , 102.0	1 - 1 1.25 1.27%	1.27% BBL-B 100	BBL 110
315 KBANK	Bank	SET50	O	75.50 , 76.25 , 75.00 , 74.00 , 77.75	1 - 1 0.75 0.99%	0.99% KBANK-B 76	KBANK 84
301 AP	Property	SET	O	7.15 , 7.20 , 7.10 , 6.95 , 7.35	1 - 1 1.80 1.38%	3.19% AP-BB 13.50	AP 8.40
302 IVL	Petro	SET	O	24.10 , 24.70 , 23.90 , 23.50 , 25.20	1 - 1 0.50 2.07%	2.20% IVL-S 25.00	IVL 32.5
303 CPALL	Commerce	SET50	O	63.25 , 64.00 , 62.75 , 61.50 , 65.25	1 - 1 0.75 1.18%	1.57% CPALL-B 64	CPALL 70
304 GULF	Energy	SET50	O	31.75 , 32.25 , 31.50 , 31.00 , 33.00	1 - 1 0.25 0.79%	1.56% GULF-B 32	GULF 36
305 BEM	Trans	SET50	O	8.25 , 8.35 , 8.20 , 8.05 , 8.50	1 - 1 0.10 1.21%	1.20% BEM-B 8.4	BEM 9.5
306 TRUE	ICT	SET50	O	3.42 , 3.46 , 3.40 , 3.34 , 3.52	1 - 1 0.04 1.17%	1.17% TRUE-B 3.5	TRUE 4.0
307 KTC	Finance	SET50	O	35.50 , 36.00 , 35.25 , 34.75 , 36.75	1 - 1 0.50 1.41%	1.40% KTC-B 36	KTC 40
308 SCC	Constr	SET50	O	360 , 364 , 358 , 352 , 370	1 - 1 4.00 1.11%	1.11% SCC-B 365	SCC 400
309 PTT	Energy	SET50	O	37.00 , 37.50 , 36.75 , 36.25 , 38.25	1 - 1 0.50 1.35%	1.35% PTT-B 37.5	PTT 42
310 ADVANC	ICT	SET50	O	176.5 , 178.0 , 175.5 , 173.0 , 181.0	1 - 1 1.50 0.85%	0.85% ADVANC-B 178	ADVANC 190
311 AOT	Trans	SET50	O	58.50 , 59.25 , 58.00 , 57.25 , 60.50	1 - 1 0.75 1.28%	1.28% AOT-B 59	AOT 65
312 BDMS	Health	SET50	O	20.30 , 20.50 , 20.20 , 19.90 , 20.90	1 - 1 0.20 0.99%	0.99% BDMS-B 20.5	BDMS 23
313 BH	Health	SET50	O	122.5 , 124.0 , 121.5 , 119.5 , 126.0	1 - 1 1.50 1.22%	1.22% BH-B 124	BH 135
314 BBL	Bank	SET50	O	98.75 , 100.0 , 98.00 , 96.50 , 102.0	1 - 1 1.25 1.27%	1.27% BBL-B 100	BBL 110
315 KBANK	Bank	SET50	O	75.50 , 76.25 , 75.00 , 74.00 , 77.75	1 - 1 0.75 0.99%	0.99% KBANK-B 76	KBANK 84
301 AP	Property	SET	O	7.15 , 7.20 , 7.10 , 6.95 , 7.35	1 - 1 1.80 1.38%	3.19% AP-BB 13.50	AP 8.40
302 IVL	Petro	SET	O	24.10 , 24.70 , 23.90 , 23.50 , 25.20	1 - 1 0.50 2.07%	2.20% IVL-S 25.00	IVL 32.5
303 CPALL	Commerce	SET50	O	63.25 , 64.00 , 62.75 , 61.50 , 65.25	1 - 1 0.75 1.18%	1.57% CPALL-B 64	CPALL 70
304 GULF	Energy	SET50	O	31.75 , 32.25 , 31.50 , 31.00 , 33.00	1 - 1 0.25 0.79%	1.56% GULF-B 32	GULF 36
305 BEM	Trans	SET50	O	8.25 , 8.35 , 8.20 , 8.05 , 8.50	1 - 1 0.10 1.21%	1.20% BEM-B 8.4	BEM 9.5
306 TRUE	ICT	SET50	O	3.42 , 3.46 , 3.40 , 3.34 , 3.52	1 - 1 0.04 1.17%	1.17% TRUE-B 3.5	TRUE 4.0
307 KTC	Finance	SET50	O	35.50 , 36.00 , 35.25 , 34.75 , 36.75	1 - 1 0.50 1.41%	1.40% KTC-B 36	KTC 40
308 SCC	Constr	SET50	O	360 , 364 , 358 , 352 , 370	1 - 1 4.00 1.11%	1.11% SCC-B 365	SCC 400
309 PTT	Energy	SET50	O	37.00 , 37.50 , 36.75 , 36.25 , 38.25	1 - 1 0.50 1.35%	1.35% PTT-B 37.5	PTT 42
310 ADVANC	ICT	SET50	O	176.5 , 178.0 , 175.5 , 173.0 , 181.0	1 - 1 1.50 0.85%	0.85% ADVANC-B 178	ADVANC 190
311 AOT	Trans	SET50	O	58.50 , 59.25 , 58.00 , 57.25 , 60.50	1 - 1 0.75 1.28%	1.28% AOT-B 59	AOT 65
312 BDMS	Health	SET50	O	20.30 , 20.50 , 20.20 , 19.90 , 20.90	1 - 1 0.20 0.99%	0.99% BDMS-B 20.5	BDMS 23
313 BH	Health	SET50	O	122.5 , 124.0 , 121.5 , 119.5 , 126.0	1 - 1 1.50 1.22%	1.22% BH-B 124	BH 135
314 BBL	Bank	SET50	O	98.75 , 100.0 , 98.00 , 96.50 , 102.0	1 - 1 1.25 1.27%	1.27% BBL-B 100	BBL 110
315 KBANK	Bank	SET50	O	75.50 , 76.25 , 75.00 , 74.00 , 77.75	1 - 1 0.75 0.99%	0.99% KBANK-B 76	KBANK 84
301 AP	Property	SET	O	7.15 , 7.20 , 7.10 , 6.95 , 7.35	1 - 1 1.80 1.38%	3.19% AP-BB 13.50	AP 8.40
302 IVL	Petro	SET	O	24.10 , 24.70 , 23.90 , 23.50 , 25.20	1 - 1 0.50 2.07%	2.20% IVL-S 25.00	IVL 32.5
303 CPALL	Commerce	SET50	O	63.25 , 64.00 , 62.75 , 61.50 , 65.25	1 - 1 0.75 1.18%	1.57% CPALL-B 64	CPALL 70
304 GULF	Energy	SET50	O	31.75 , 32.25 , 31.50 , 31.00 , 33.00	1 - 1 0.25 0.79%	1.56% GULF-B 32	GULF 36
305 BEM	Trans	SET50	O	8.25 , 8.35 , 8.20 , 8.05 , 8.50	1 - 1 0.10 1.21%	1.20% BEM-B 8.4	BEM 9.5
306 TRUE	ICT	SET50	O	3.42 , 3.46 , 3.40 , 3.34 , 3.52	1 - 1 0.04 1.17%	1.17% TRUE-B 3.5	TRUE 4.0
307 KTC	Finance	SET50	O	35.50 , 36.00 , 35.25 , 34.75 , 36.75	1 - 1 0.50 1.41%	1.40% KTC-B 36	KTC 40
308 SCC	Constr	SET50	O	360 , 364 , 358 , 352 , 370	1 - 1 4.00 1.11%	1.11% SCC-B 365	SCC 400
309 PTT	Energy	SET50	O	37.00 , 37.50 , 36.75 , 36.25 , 38.25	1 - 1 0.50 1.35%	1.35% PTT-B 37.5	PTT 42
310 ADVANC	ICT	SET50	O	176.5 , 178.0 , 175.5 , 173.0 , 181.0	1 - 1 1.50 0.85%	0.85% ADVANC-B 178	ADVANC 190
311 AOT	Trans	SET50	O	58.50 , 59.25 , 58.00 , 57.25 , 60.50	1 - 1 0.75 1.28%	1.28% AOT-B 59	AOT 65
312 BDMS	Health	SET50	O	20.30 , 20.50 , 20.20 , 19.90 , 20.90	1 - 1 0.20 0.99%	0.99% BDMS-B 20.5	BDMS 23
313 BH	Health	SET50	O	122.5 , 124.0 , 121.5 , 119.5 , 126.0	1 - 1 1.50 1.22%	1.22% BH-B 124	BH 135
314 BBL	Bank	SET50	O	98.75 , 100.0 , 98.00 , 96.50 , 102.0	1 - 1 1.25 1.27%	1.27% BBL-B 100	BBL 110
315 KBANK	Bank	SET50	O	75.50 , 76.25 , 75.00 , 74.00 , 77.75	1 - 1 0.75 0.99%	0.99% KBANK-B 76	KBANK 84
301 AP	Property	SET	O	7.15 , 7.20 , 7.10 , 6.95 , 7.35	1 - 1 1.80 1.38%	3.19% AP-BB 13.50	AP 8.40
302 IVL	Petro	SET	O	24.10 , 24.70 , 23.90 , 23.50 , 25.20	1 - 1 0.50 2.07%	2.20% IVL-S 25.00	IVL 32.5
303 CPALL	Commerce	SET50	O	63.25 , 64.00 , 62.75 , 61.50 , 65.25	1 - 1 0.75 1.18%	1.57% CPALL-B 64	CPALL 70
304 GULF	Energy	SET50	O	31.75 , 32.25 , 31.50 , 31.00 , 33.00	1 - 1 0.25 0.79%	1.56% GULF-B 32	GULF 36
305 BEM	Trans	SET50	O	8.25 , 8.35 , 8.20 , 8.05 , 8.50	1 - 1 0.10 1.21%	1.20% BEM-B 8.4	BEM 9.5
306 TRUE	ICT	SET50	O	3.42 , 3.46 , 3.40 , 3.34 , 3.52	1 - 1 0.04 1.17%	1.17% TRUE-B 3.5	TRUE 4.0
307 KTC	Finance	SET50	O	35.50 , 36.00 , 35.25 , 34.75 , 36.75	1 - 1 0.50 1.41%	1.40% KTC-B 36	KTC 40
308 SCC	Constr	SET50	O	360 , 364 , 358 , 352 , 370	1 - 1 4.00 1.11%	1.11% SCC-B 365	SCC 400
309 PTT	Energy	SET50	O	37.00 , 37.50 , 36.75 , 36.25 , 38.25	1 - 1 0.50 1.35%	1.35% PTT-B 37.5	PTT 42
310 ADVANC	ICT	SET50	O	176.5 , 178.0 , 175.5 , 173.0 , 181.0	1 - 1 1.50 0.85%	0.85% ADVANC-B 178	ADVANC 190
311 AOT	Trans	SET50	O	58.50 , 59.25 , 58.00 , 57.25 , 60.50	1 - 1 0.75 1.28%	1.28% AOT-B 59	AOT 65
312 BDMS	Health	SET50	O	20.30 , 20.50 , 20.20 , 19.90 , 20.90	1 - 1 0.20 0.99%	0.99% BDMS-B 20.5	BDMS 23
313 BH	Health	SET50	O	122.5 , 124.0 , 121.5 , 119.5 , 126.0	1 - 1 1.50 1.22%	1.22% BH-B 124	BH 135
314 BBL	Bank	SET50	O	98.75 , 100.0 , 98.00 , 96.50 , 102.0	1 - 1 1.25 1.27%	1.27% BBL-B 100	BBL 110
315 KBANK	Bank	SET50	O	75.50 , 76.25 , 75.00 , 74.00 , 77.75	1 - 1 0.75 0.99%	0.99% KBANK-B 76	KBANK 84
301 AP	Property	SET	O	7.15 , 7.20 , 7.10 , 6.95 , 7.35	1 - 1 1.80 1.38%	3.19% AP-BB 13.50	AP 8.40
302 IVL	Petro	SET	O	24.10 , 24.70 , 23.90 , 23.50 , 25.20	1 - 1 0.50 2.07%	2.20% IVL-S 25.00	IVL 32.5
303 CPALL	Commerce	SET50	O	63.25 , 64.00 , 62.75 , 61.50 , 65.25	1 - 1 0.75 1.18%	1.57% CPALL-B 64	CPALL 70
304 GULF	Energy	SET50	O	31.75 , 32.25 , 31.50 , 31.00 , 33.00	1 - 1 0.25 0.79%	1.56% GULF-B 32	GULF 36
305 BEM	Trans	SET50	O	8.25 , 8.35 , 8.20 , 8.05 , 8.50	1 - 1 0.10 1.21%	1.20% BEM-B 8.4	BEM 9.5
306 TRUE	ICT	SET50	O	3.42 , 3.46 , 3.40 , 3.34 , 3.52	1 - 1 0.04 1.17%	1.17% TRUE-B 3.5	TRUE 4.0
307 KTC	Finance	SET50	O	35.50 , 36.00 , 35.25 , 34.75 , 36.75	1 - 1 0.50 1.41%	1.40% KTC-B 36	KTC 40
308 SCC	Constr	SET50	O	360 , 364 , 358 , 352 , 370	1 - 1 4.00 1.11%	1.11% SCC-B 365	SCC 400
309 PTT	Energy	SET50	O	37.00 , 37.50 , 36.75 , 36.25 , 38.25	1 - 1 0.50 1.35%	1.35% PTT-B 37.5	PTT 42
310 ADVANC	ICT	SET50	O	176.5 , 178.0 , 175.5 , 173.0 , 181.0	1 - 1 1.50 0.85%	0.85% ADVANC-B 178	ADVANC 190
311 AOT	Trans	SET50	O	58.50 , 59.25 , 58.00 , 57.25 , 60.50	1 - 1 0.75 1.28%	1.28% AOT-B 59	AOT 65
312 BDMS	Health	SET50	O	20.30 , 20.50 , 20.20 , 19.90 , 20.90	1 - 1 0.20 0.99%	0.99% BDMS-B 20.5	BDMS 23
313 BH	Health	SET50	O	122.5 , 124.0 , 121.5 , 119.5 , 126.0	1 - 1 1.50 1.22%	1.22% BH-B 124	BH 135
314 BBL	Bank	SET50	O	98.75 , 100.0 , 98.00 , 96.50 , 102.0	1 - 1 1.25 1.27%	1.27% BBL-B 100	BBL 110
315 KBANK	Bank	SET50	O	75.50 , 76.25 , 75.00 , 74.00 , 77.75	1 - 1 0.75 0.99%	0.99% KBANK-B 76	KBANK 84
301 AP	Property	SET	O	7.15 , 7.20 , 7.10 , 6.95 , 7.35	1 - 1 1.80 1.38%	3.19% AP-BB 13.50	AP 8.40
302 IVL	Petro	SET	O	24.10 , 24.70 , 23.90 , 23.50 , 25.20	1 - 1 0.50 2.07%	2.20% IVL-S 25.00	IVL 32.5
303 CPALL	Commerce	SET50	O	63.25 , 64.00 , 62.75 , 61.50 , 65.25	1 - 1 0.75 1.18%	1.57% CPALL-B 64	CPALL 70
304 GULF	Energy	SET50	O	31.75 , 32.25 , 31.50 , 31.00 , 33.00	1 - 1 0.25 0.79%	1.56% GULF-B 32	GULF 36
305 BEM	Trans	SET50	O	8.25 , 8.35 , 8.20 , 8.05 , 8.50	1 - 1 0.10 1.21%	1.20% BEM-B 8.4	BEM 9.5
306 TRUE	ICT	SET50	O	3.42 , 3.46 , 3.40 , 3.34 , 3.52	1 - 1 0.04 1.17%	1.17% TRUE-B 3.5	TRUE 4.0
307 KTC	Finance	SET50	O	35.50 , 36.00 , 35.25 , 34.75 , 36.75	1 - 1 0.50 1.41%	1.40% KTC-B 36	KTC 40
308 SCC	Constr	SET50	O	360 , 364 , 358 , 352 , 370	1 - 1 4.00 1.11%	1.11% SCC-B 365	SCC 400
309 PTT	Energy	SET50	O	37.00 , 37.50 , 36.75 , 36.25 , 38.25	1 - 1 0.50 1.35%	1.35% PTT-B 37.5	PTT 42
310 ADVANC	ICT	SET50	O	176.5 , 178.0 , 175.5 , 173.0 , 181.0	1 - 1 1.50 0.85%	0.85% ADVANC-B 178	ADVANC 190
311 AOT	Trans	SET50	O	58.50 , 59.25 , 58.00 , 57.25 , 60.50	1 - 1 0.75 1.28%	1.28% AOT-B 59	AOT 65
313 BH	Health	SET50	O	122.5 , 124.0 , 121.5 , 119.5 , 126.0	1 - 1 1.50 1.22%	1.22% BH-B 124	BH 135
314 BBL	Bank	SET50	O	98.75 , 100.0 , 98.00 , 96.50 , 102.0	1 - 1 1.25 1.27%	1.27% BBL-B 100	BBL 110
315 KBANK	Bank	SET50	O	75.50 , 76.25 , 75.00 , 74.00 , 77.75	1 - 1 0.75 0.99%	0.99% KBANK-B 76	KBANK 84
301 AP	Property	SET	O	7.15 , 7.20 , 7.10 , 6.95 , 7.35	1 - 1 1.80 1.38%	3.19% AP-BB 13.50	AP 8.40
302 IVL	Petro	SET	O	24.10 , 24.70 , 23.90 , 23.50 , 25.20	1 - 1 0.50 2.07%	2.20% IVL-S 25.00	IVL 32.5
303 CPALL	Commerce	SET50	O	63.25 , 64.00 , 62.75 , 61.50 , 65.25	1 - 1 0.75 1.18%	1.57% CPALL-B 64	CPALL 70
304 GULF	Energy	SET50	O	31.75 , 32.25 , 31.50 , 31.00 , 33.00	1 - 1 0.25 0.79%	1.56% GULF-B 32	GULF 36
305 BEM	Trans	SET50	O	8.25 , 8.35 , 8.20 , 8.05 , 8.50	1 - 1 0.10 1.21%	1.20% BEM-B 8.4	BEM 9.5
306 TRUE	ICT	SET50	O	3.42 , 3.46 , 3.40 , 3.34 , 3.52	1 - 1 0.04 1.17%	1.17% TRUE-B 3.5	TRUE 4.0
307 KTC	Finance	SET50	O	35.50 , 36.00 , 35.25 , 34.75 , 36.75	1 - 1 0.50 1.41%	1.40% KTC-B 36	KTC 40
Highest Value
ADVANC 3,542
KBANK	3,120
PTT	2,987
CPALL	2,654
AOT	2,412
GULF	2,210
SCB	1,998
BBL	1,876
SCC	1,760
TRUE	1,654
BDMS	1,512
BH	1,402
IVL	1,344
AP	1,210
Change + Change
AP	12.50%
TRUE	10.20%
BEM	9.80%
GULF	8.75%
IVL	8.20%
KTC	7.60%
CPALL	7.15%
BBL	6.90%
BH	6.55%
PTT	6.20%
SCC	5.85%
AOT	5.40%
BDMS	5.10%
KBANK	4.80%
Change - Change -
AAV	-8.50%
THAI	-7.90%
MINT	-7.20%
CENTEL -6.80%
ERW	-6.40%
BA	-6.10%
CRC	-5.75%
HMPRO -5.30%
SPRC	-4.90%
IRPC	-4.60%
TOP	-4.20%
PTTGC	-3.90%
Market Value
SET	1,290.54
SET50	820.12
SET100 1,812.40
mai	310.22
Value	62,540
Foreign	-1,254
Local	+980
Prop	+274
